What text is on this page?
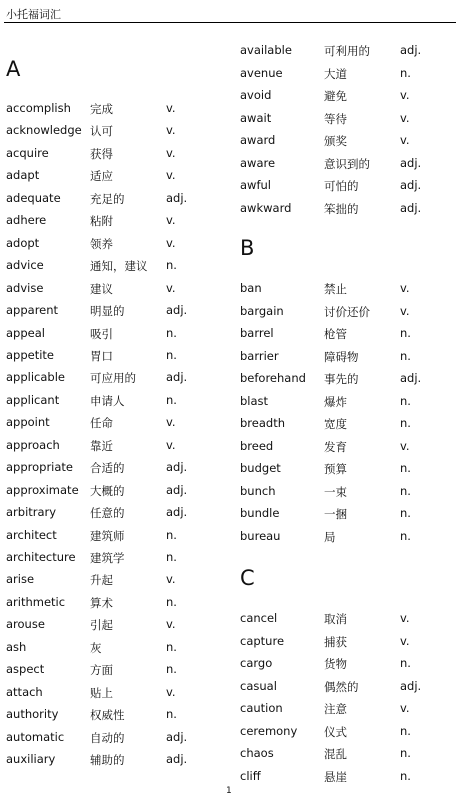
小托福词汇
A
accomplish 完成	v.
acknowledge 认可	v.
acquire	获得	v.
adapt	适应	v.
adequate	充足的	adj.
adhere	粘附	v.
adopt	领养	v.
advice	通知，建议 n.
advise	建议	v.
apparent	明显的	adj.
appeal	吸引	n.
appetite	胃口	n.
applicable 可应用的	adj.
applicant	申请人	n.
appoint	任命	v.
approach	靠近	v.
appropriate 合适的	adj.
approximate 大概的	adj.
arbitrary	任意的	adj.
architect	建筑师	n.
architecture 建筑学	n.
arise	升起	v.
arithmetic 算术	n.
arouse	引起	v.
ash	灰	n.
aspect	方面	n.
attach	贴上	v.
authority	权威性	n.
automatic 自动的	adj.
auxiliary	辅助的	adj.
B
C
available	可利用的	adj.
avenue	大道	n.
avoid	避免	v.
await	等待	v.
award	颁奖	v.
aware	意识到的	adj.
awful	可怕的	adj.
awkward	笨拙的	adj.
ban	禁止	v.
bargain	讨价还价	v.
barrel	枪管	n.
barrier	障碍物	n.
beforehand 事先的	adj.
blast	爆炸	n.
breadth	宽度	n.
breed	发育	v.
budget	预算	n.
bunch	一束	n.
bundle	一捆	n.
bureau	局	n.
cancel	取消	v.
capture	捕获	v.
cargo	货物	n.
casual	偶然的	adj.
caution	注意	v.
ceremony 仪式	n.
chaos	混乱	n.
cliff	悬崖	n.
1
